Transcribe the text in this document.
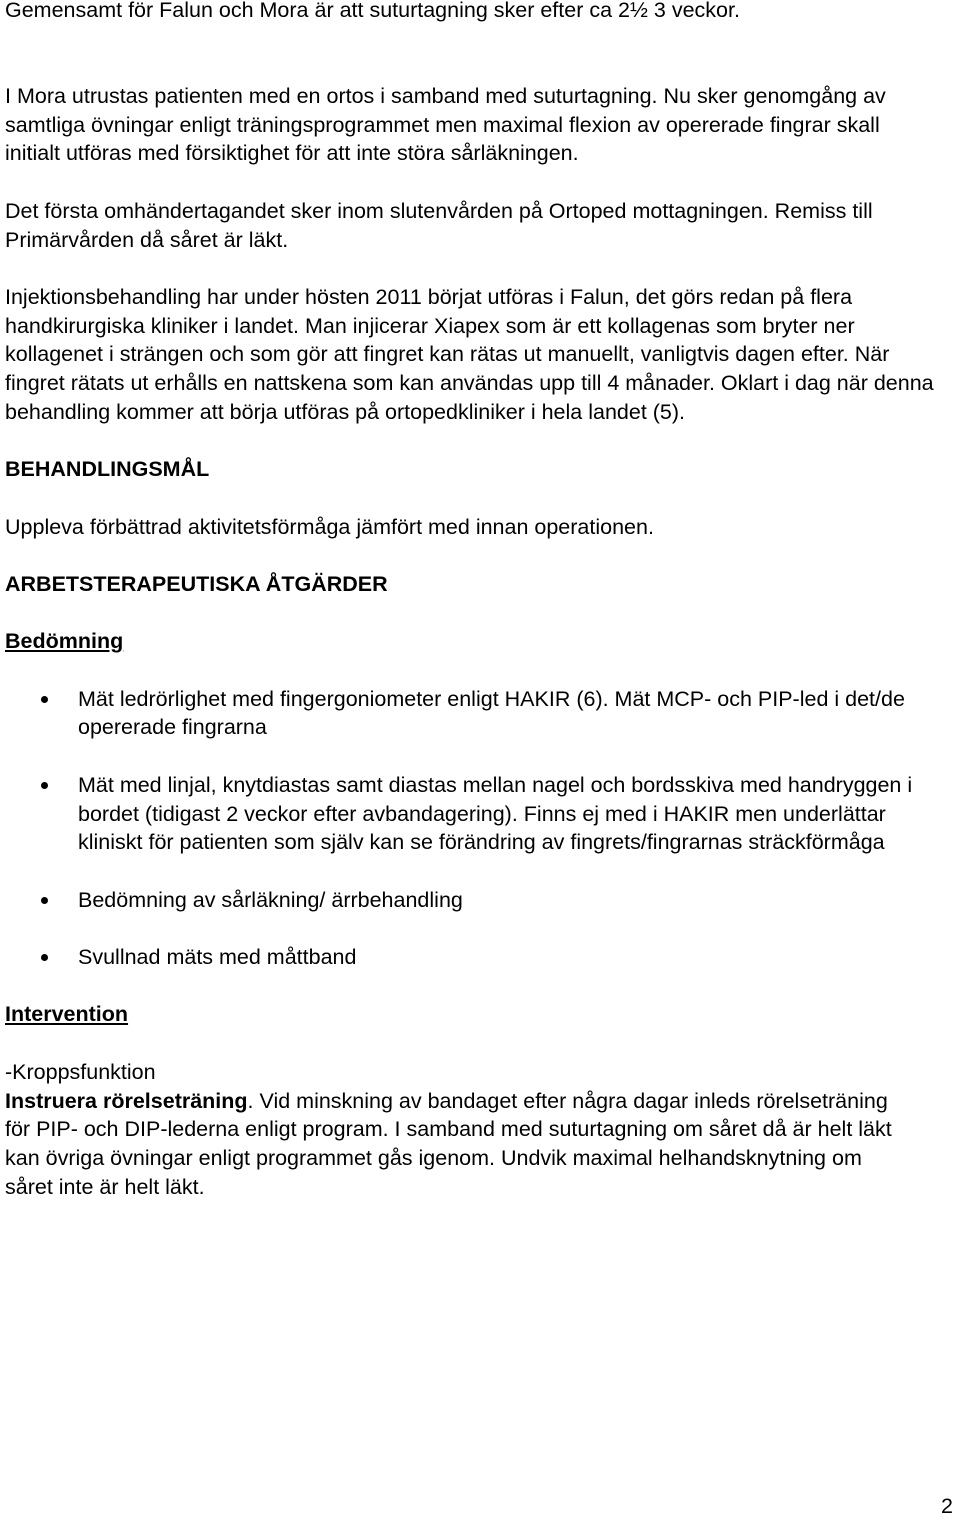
Gemensamt för Falun och Mora är att suturtagning sker efter ca 2½ 3 veckor.

I Mora utrustas patienten med en ortos i samband med suturtagning. Nu sker genomgång av samtliga övningar enligt träningsprogrammet men maximal flexion av opererade fingrar skall initialt utföras med försiktighet för att inte störa sårläkningen.

Det första omhändertagandet sker inom slutenvården på Ortoped mottagningen. Remiss till Primärvården då såret är läkt.

Injektionsbehandling har under hösten 2011 börjat utföras i Falun, det görs redan på flera handkirurgiska kliniker i landet. Man injicerar Xiapex som är ett kollagenas som bryter ner kollagenet i strängen och som gör att fingret kan rätas ut manuellt, vanligtvis dagen efter. När fingret rätats ut erhålls en nattskena som kan användas upp till 4 månader. Oklart i dag när denna behandling kommer att börja utföras på ortopedkliniker i hela landet (5).

BEHANDLINGSMÅL

Uppleva förbättrad aktivitetsförmåga jämfört med innan operationen.

ARBETSTERAPEUTISKA ÅTGÄRDER

Bedömning

Mät ledrörlighet med fingergoniometer enligt HAKIR (6). Mät MCP- och PIP-led i det/de opererade fingrarna
Mät med linjal, knytdiastas samt diastas mellan nagel och bordsskiva med handryggen i bordet (tidigast 2 veckor efter avbandagering). Finns ej med i HAKIR men underlättar kliniskt för patienten som själv kan se förändring av fingrets/fingrarnas sträckförmåga
Bedömning av sårläkning/ ärrbehandling
Svullnad mäts med måttband

Intervention

-Kroppsfunktion

Instruera rörelseträning. Vid minskning av bandaget efter några dagar inleds rörelseträning för PIP- och DIP-lederna enligt program. I samband med suturtagning om såret då är helt läkt kan övriga övningar enligt programmet gås igenom. Undvik maximal helhandsknytning om såret inte är helt läkt.

2
